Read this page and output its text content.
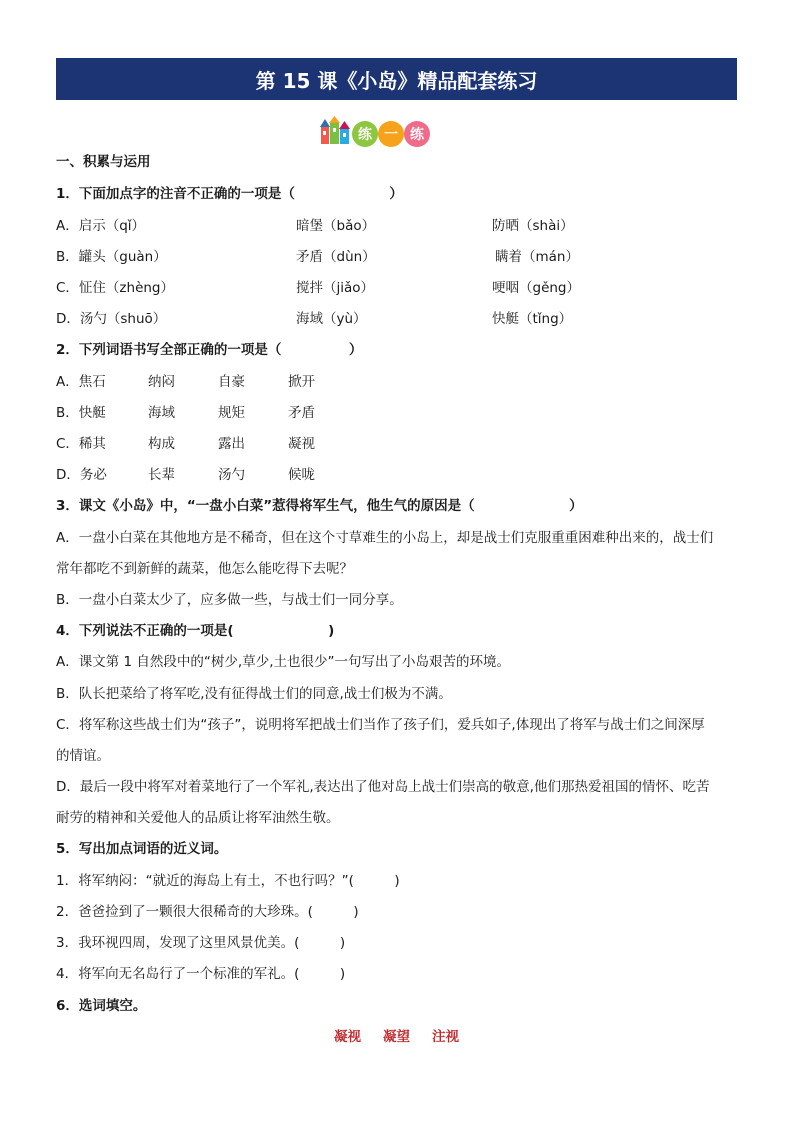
第 15 课《小岛》精品配套练习
练 一 练
一、积累与运用
1．下面加点字的注音不正确的一项是（　　　　　　　）
A．启示（qǐ）	暗堡（bǎo）	防晒（shài）
B．罐头（guàn）	矛盾（dùn）	瞒着（mán）
C．怔住（zhèng）	搅拌（jiǎo）	哽咽（gěng）
D．汤勺（shuō）	海域（yù）	快艇（tǐng）
2．下列词语书写全部正确的一项是（　　　　　）
A．焦石	纳闷	自豪	掀开
B．快艇	海域	规矩	矛盾
C．稀其	构成	露出	凝视
D．务必	长辈	汤勺	候咙
3．课文《小岛》中，“一盘小白菜”惹得将军生气，他生气的原因是（　　　　　　　）
A．一盘小白菜在其他地方是不稀奇，但在这个寸草难生的小岛上，却是战士们克服重重困难种出来的，战士们
常年都吃不到新鲜的蔬菜，他怎么能吃得下去呢？
B．一盘小白菜太少了，应多做一些，与战士们一同分享。
4．下列说法不正确的一项是(　　　　　　　)
A．课文第 1 自然段中的“树少,草少,土也很少”一句写出了小岛艰苦的环境。
B．队长把菜给了将军吃,没有征得战士们的同意,战士们极为不满。
C．将军称这些战士们为“孩子”，说明将军把战士们当作了孩子们，爱兵如子,体现出了将军与战士们之间深厚
的情谊。
D．最后一段中将军对着菜地行了一个军礼,表达出了他对岛上战士们崇高的敬意,他们那热爱祖国的情怀、吃苦
耐劳的精神和关爱他人的品质让将军油然生敬。
5．写出加点词语的近义词。
1．将军纳闷：“就近的海岛上有土，不也行吗？”(　　　)
2．爸爸捡到了一颗很大很稀奇的大珍珠。(　　　)
3．我环视四周，发现了这里风景优美。(　　　)
4．将军向无名岛行了一个标准的军礼。(　　　)
6．选词填空。
凝视 凝望 注视
